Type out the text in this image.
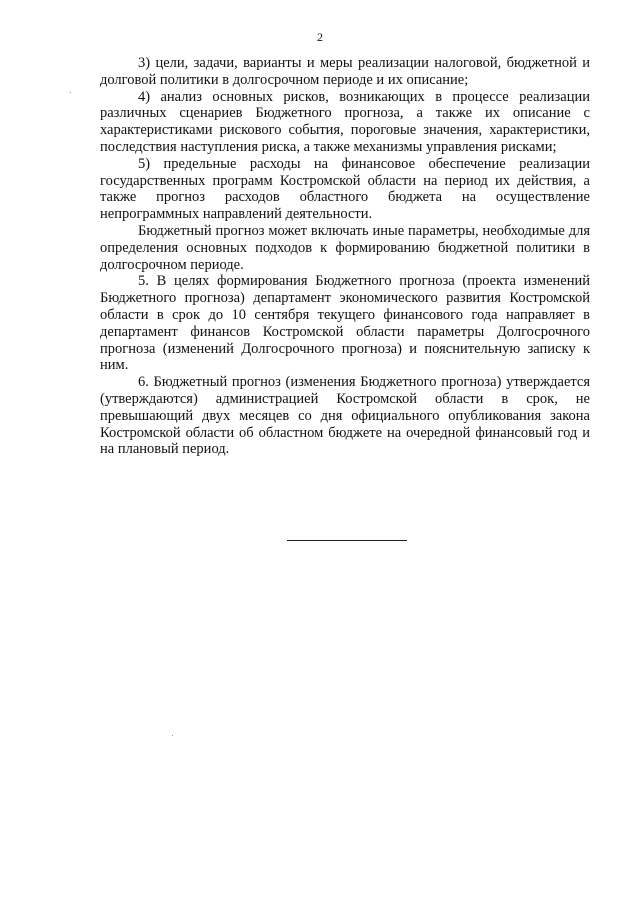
2

3) цели, задачи, варианты и меры реализации налоговой, бюджетной и долговой политики в долгосрочном периоде и их описание;

4) анализ основных рисков, возникающих в процессе реализации различных сценариев Бюджетного прогноза, а также их описание с характеристиками рискового события, пороговые значения, характеристики, последствия наступления риска, а также механизмы управления рисками;

5) предельные расходы на финансовое обеспечение реализации государственных программ Костромской области на период их действия, а также прогноз расходов областного бюджета на осуществление непрограммных направлений деятельности.

Бюджетный прогноз может включать иные параметры, необходимые для определения основных подходов к формированию бюджетной политики в долгосрочном периоде.

5. В целях формирования Бюджетного прогноза (проекта изменений Бюджетного прогноза) департамент экономического развития Костромской области в срок до 10 сентября текущего финансового года направляет в департамент финансов Костромской области параметры Долгосрочного прогноза (изменений Долгосрочного прогноза) и пояснительную записку к ним.

6. Бюджетный прогноз (изменения Бюджетного прогноза) утверждается (утверждаются) администрацией Костромской области в срок, не превышающий двух месяцев со дня официального опубликования закона Костромской области об областном бюджете на очередной финансовый год и на плановый период.
